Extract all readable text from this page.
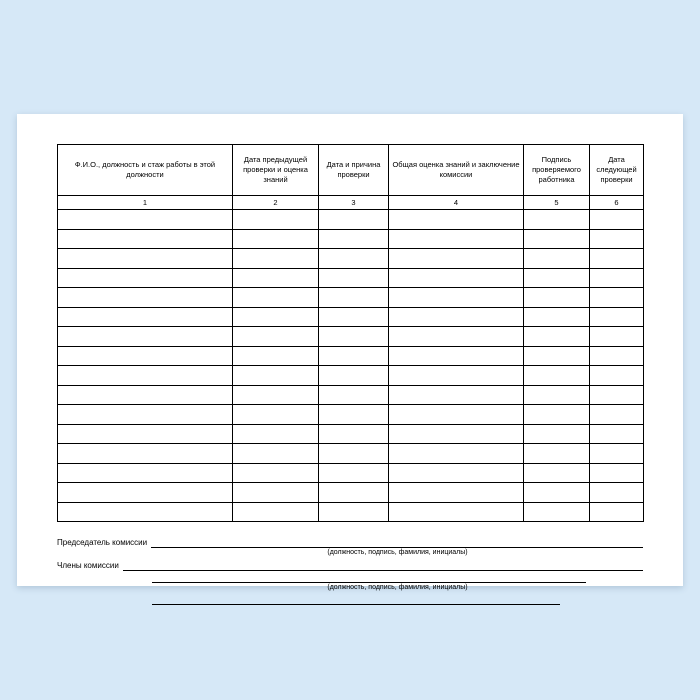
Ф.И.О., должность и стаж работы в этой должности	Дата предыдущей проверки и оценка знаний	Дата и причина проверки	Общая оценка знаний и заключение комиссии	Подпись проверяемого работника	Дата следующей проверки
1	2	3	4	5	6

Председатель комиссии
(должность, подпись, фамилия, инициалы)
Члены комиссии
(должность, подпись, фамилия, инициалы)
